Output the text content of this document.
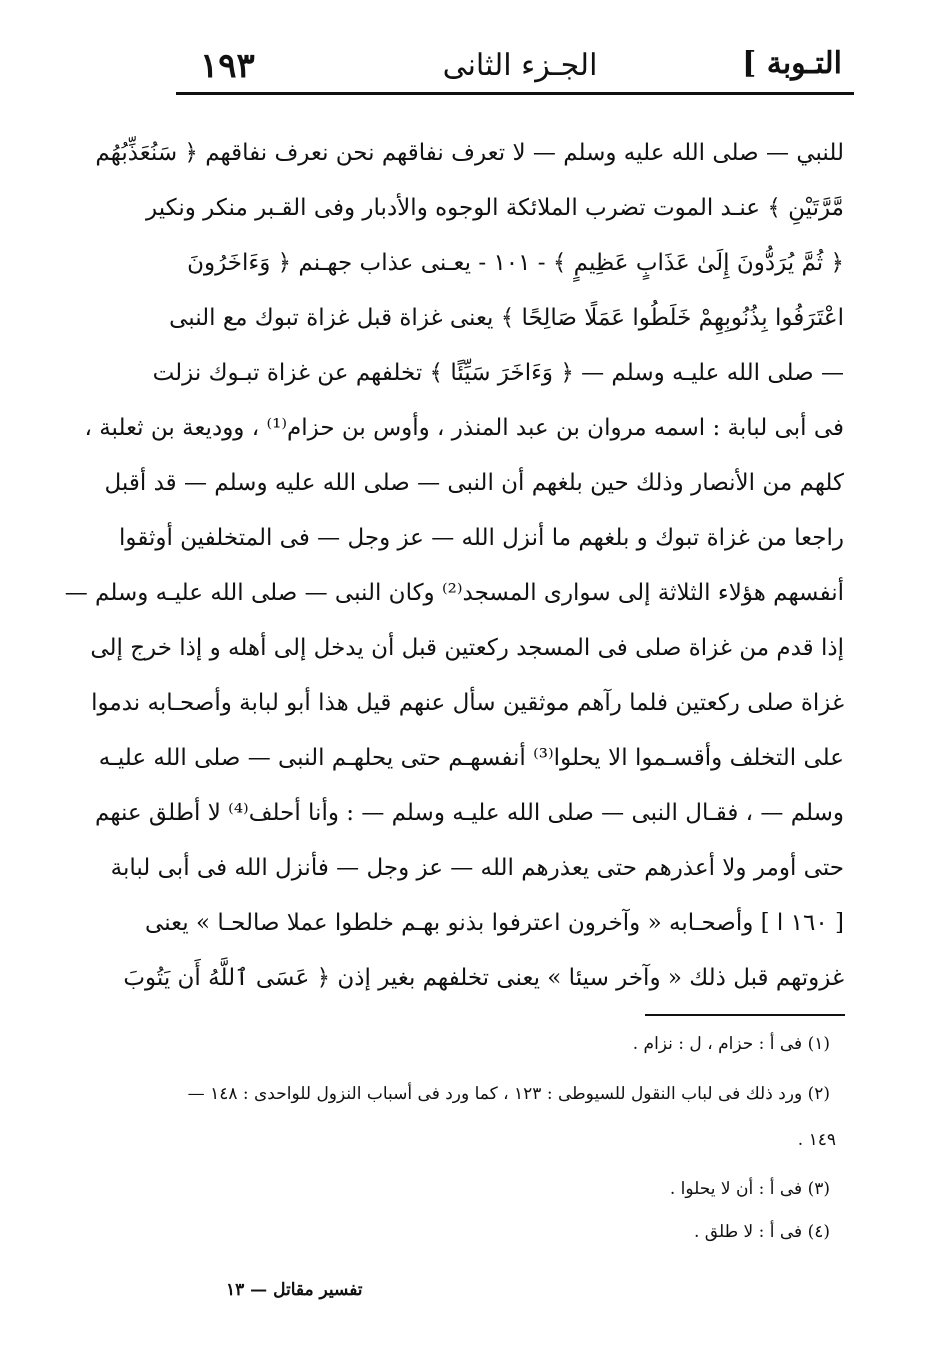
١٩٣	الجـزء الثانى	التـوبة ]
للنبي — صلى الله عليه وسلم — لا تعرف نفاقهم نحن نعرف نفاقهم ﴿ سَنُعَذِّبُهُم
مَّرَّتَيْنِ ﴾ عنـد الموت تضرب الملائكة الوجوه والأدبار وفى القـبر منكر ونكير
﴿ ثُمَّ يُرَدُّونَ إِلَىٰ عَذَابٍ عَظِيمٍ ﴾ - ١٠١ - يعـنى عذاب جهـنم ﴿ وَءَاخَرُونَ
اعْتَرَفُوا بِذُنُوبِهِمْ خَلَطُوا عَمَلًا صَالِحًا ﴾ يعنى غزاة قبل غزاة تبوك مع النبى
— صلى الله عليـه وسلم — ﴿ وَءَاخَرَ سَيِّئًا ﴾ تخلفهم عن غزاة تبـوك نزلت
فى أبى لبابة : اسمه مروان بن عبد المنذر ، وأوس بن حزام⁽¹⁾ ، ووديعة بن ثعلبة ،
كلهم من الأنصار وذلك حين بلغهم أن النبى — صلى الله عليه وسلم — قد أقبل
راجعا من غزاة تبوك و بلغهم ما أنزل الله — عز وجل — فى المتخلفين أوثقوا
أنفسهم هؤلاء الثلاثة إلى سوارى المسجد⁽²⁾ وكان النبى — صلى الله عليـه وسلم —
إذا قدم من غزاة صلى فى المسجد ركعتين قبل أن يدخل إلى أهله و إذا خرج إلى
غزاة صلى ركعتين فلما رآهم موثقين سأل عنهم قيل هذا أبو لبابة وأصحـابه ندموا
على التخلف وأقسـموا الا يحلوا⁽³⁾ أنفسهـم حتى يحلهـم النبى — صلى الله عليـه
وسلم — ، فقـال النبى — صلى الله عليـه وسلم — : وأنا أحلف⁽⁴⁾ لا أطلق عنهم
حتى أومر ولا أعذرهم حتى يعذرهم الله — عز وجل — فأنزل الله فى أبى لبابة
[ ١٦٠ ا ] وأصحـابه « وآخرون اعترفوا بذنو بهـم خلطوا عملا صالحـا » يعنى
غزوتهم قبل ذلك « وآخر سيئا » يعنى تخلفهم بغير إذن ﴿ عَسَى ٱللَّهُ أَن يَتُوبَ
(١) فى أ : حزام ، ل : نزام .
(٢) ورد ذلك فى لباب النقول للسيوطى : ١٢٣ ، كما ورد فى أسباب النزول للواحدى : ١٤٨ —
١٤٩ .
(٣) فى أ : أن لا يحلوا .
(٤) فى أ : لا طلق .
تفسير مقاتل — ١٣
